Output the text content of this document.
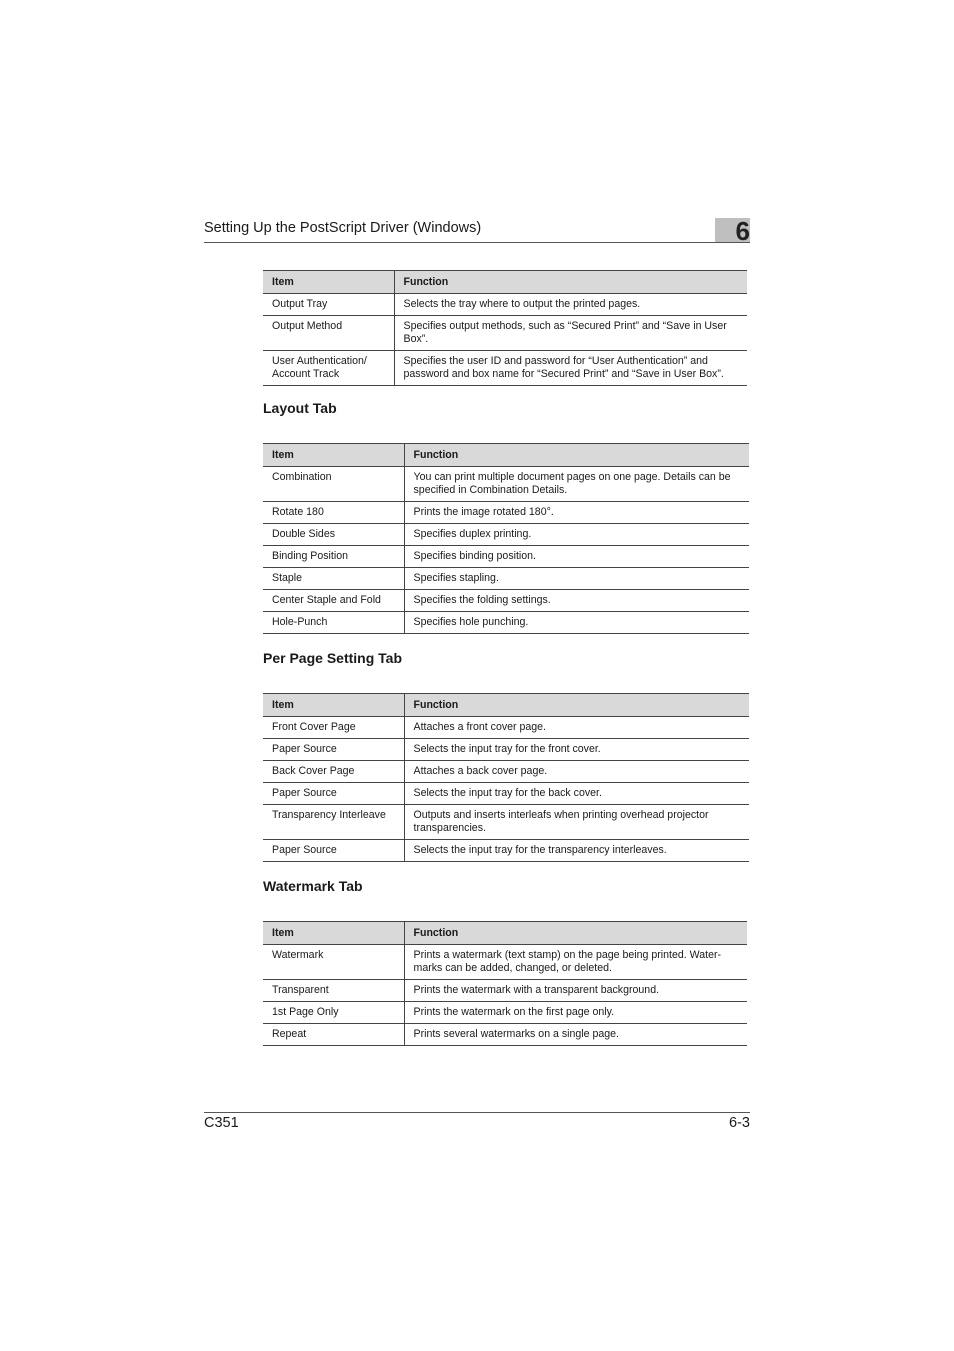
Setting Up the PostScript Driver (Windows)	6
Item	Function
Output Tray	Selects the tray where to output the printed pages.
Output Method	Specifies output methods, such as “Secured Print” and “Save in User Box”.
User Authentication/ Account Track	Specifies the user ID and password for “User Authentication” and password and box name for “Secured Print” and “Save in User Box”.
Layout Tab
Item	Function
Combination	You can print multiple document pages on one page. Details can be specified in Combination Details.
Rotate 180	Prints the image rotated 180°.
Double Sides	Specifies duplex printing.
Binding Position	Specifies binding position.
Staple	Specifies stapling.
Center Staple and Fold	Specifies the folding settings.
Hole-Punch	Specifies hole punching.
Per Page Setting Tab
Item	Function
Front Cover Page	Attaches a front cover page.
Paper Source	Selects the input tray for the front cover.
Back Cover Page	Attaches a back cover page.
Paper Source	Selects the input tray for the back cover.
Transparency Interleave	Outputs and inserts interleafs when printing overhead projector transparencies.
Paper Source	Selects the input tray for the transparency interleaves.
Watermark Tab
Item	Function
Watermark	Prints a watermark (text stamp) on the page being printed. Water-marks can be added, changed, or deleted.
Transparent	Prints the watermark with a transparent background.
1st Page Only	Prints the watermark on the first page only.
Repeat	Prints several watermarks on a single page.
C351	6-3
